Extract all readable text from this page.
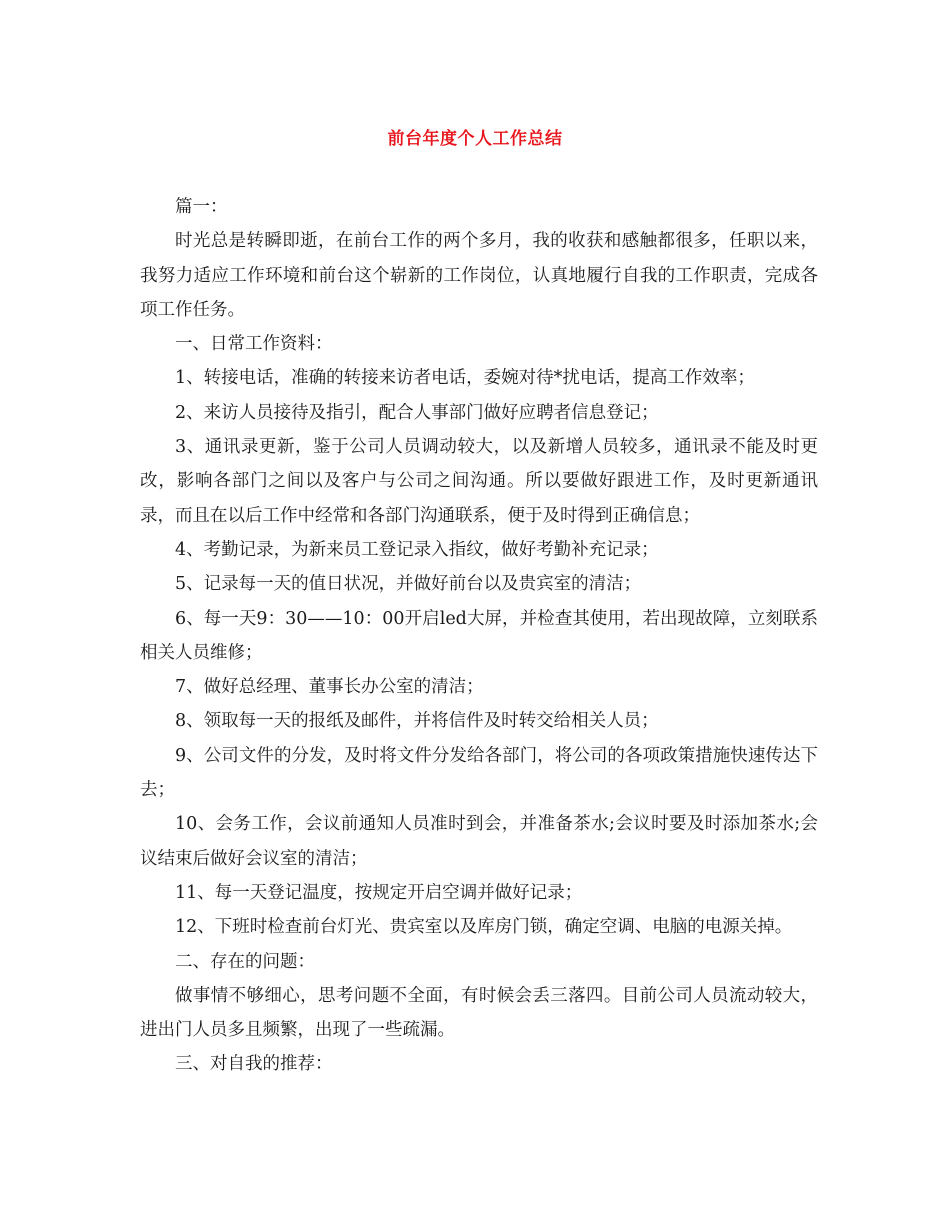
前台年度个人工作总结

篇一：

时光总是转瞬即逝，在前台工作的两个多月，我的收获和感触都很多，任职以来，我努力适应工作环境和前台这个崭新的工作岗位，认真地履行自我的工作职责，完成各项工作任务。

一、日常工作资料：

1、转接电话，准确的转接来访者电话，委婉对待*扰电话，提高工作效率；

2、来访人员接待及指引，配合人事部门做好应聘者信息登记；

3、通讯录更新，鉴于公司人员调动较大，以及新增人员较多，通讯录不能及时更改，影响各部门之间以及客户与公司之间沟通。所以要做好跟进工作，及时更新通讯录，而且在以后工作中经常和各部门沟通联系，便于及时得到正确信息；

4、考勤记录，为新来员工登记录入指纹，做好考勤补充记录；

5、记录每一天的值日状况，并做好前台以及贵宾室的清洁；

6、每一天9：30——10：00开启led大屏，并检查其使用，若出现故障，立刻联系相关人员维修；

7、做好总经理、董事长办公室的清洁；

8、领取每一天的报纸及邮件，并将信件及时转交给相关人员；

9、公司文件的分发，及时将文件分发给各部门，将公司的各项政策措施快速传达下去；

10、会务工作，会议前通知人员准时到会，并准备茶水;会议时要及时添加茶水;会议结束后做好会议室的清洁；

11、每一天登记温度，按规定开启空调并做好记录；

12、下班时检查前台灯光、贵宾室以及库房门锁，确定空调、电脑的电源关掉。

二、存在的问题：

做事情不够细心，思考问题不全面，有时候会丢三落四。目前公司人员流动较大，进出门人员多且频繁，出现了一些疏漏。

三、对自我的推荐：
